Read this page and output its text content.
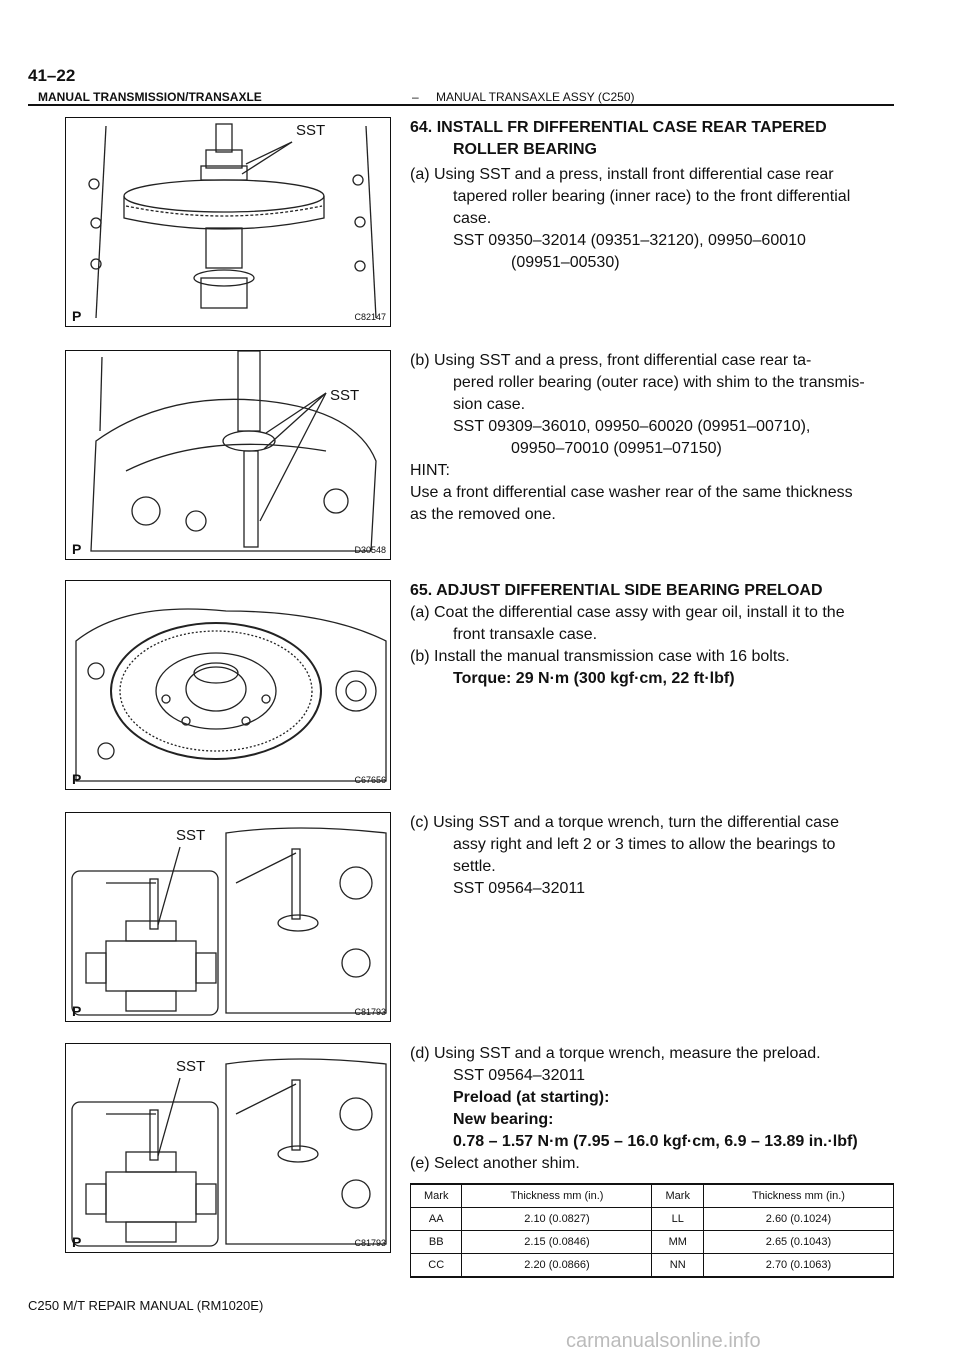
41–22
MANUAL TRANSMISSION/TRANSAXLE	– MANUAL TRANSAXLE ASSY (C250)
SST
P	C82147
SST
P	D30548
P	C67656
SST
P	C81793
SST
P	C81793
64. INSTALL FR DIFFERENTIAL CASE REAR TAPERED
ROLLER BEARING
(a) Using SST and a press, install front differential case rear
tapered roller bearing (inner race) to the front differential
case.
SST 09350–32014 (09351–32120), 09950–60010
(09951–00530)
(b) Using SST and a press, front differential case rear ta-
pered roller bearing (outer race) with shim to the transmis-
sion case.
SST 09309–36010, 09950–60020 (09951–00710),
09950–70010 (09951–07150)
HINT:
Use a front differential case washer rear of the same thickness
as the removed one.
65. ADJUST DIFFERENTIAL SIDE BEARING PRELOAD
(a) Coat the differential case assy with gear oil, install it to the
front transaxle case.
(b) Install the manual transmission case with 16 bolts.
Torque: 29 N·m (300 kgf·cm, 22 ft·lbf)
(c) Using SST and a torque wrench, turn the differential case
assy right and left 2 or 3 times to allow the bearings to
settle.
SST 09564–32011
(d) Using SST and a torque wrench, measure the preload.
SST 09564–32011
Preload (at starting):
New bearing:
0.78 – 1.57 N·m (7.95 – 16.0 kgf·cm, 6.9 – 13.89 in.·lbf)
(e) Select another shim.
Mark	Thickness mm (in.)	Mark	Thickness mm (in.)
AA	2.10 (0.0827)	LL	2.60 (0.1024)
BB	2.15 (0.0846)	MM	2.65 (0.1043)
CC	2.20 (0.0866)	NN	2.70 (0.1063)
C250 M/T REPAIR MANUAL (RM1020E)
carmanualsonline.info
